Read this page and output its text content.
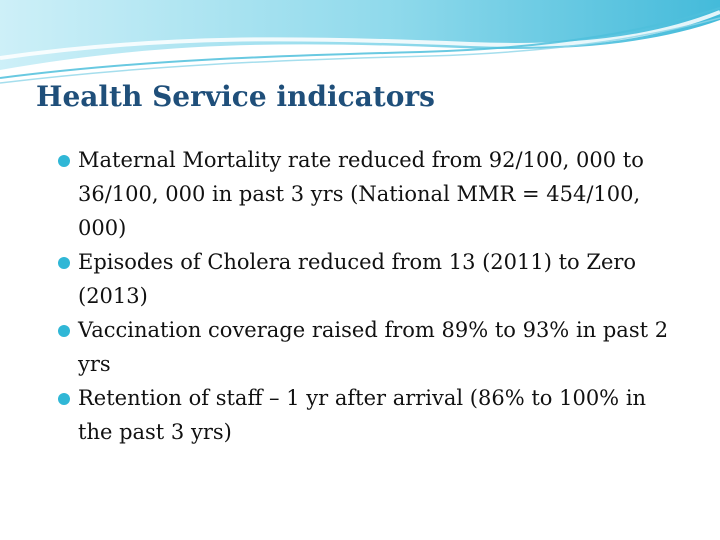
Health Service indicators
Maternal Mortality rate reduced from 92/100, 000 to 36/100, 000 in past 3 yrs (National MMR = 454/100, 000)
Episodes of Cholera reduced from 13 (2011) to Zero (2013)
Vaccination coverage raised from 89% to 93% in past 2 yrs
Retention of staff – 1 yr after arrival (86% to 100% in the past 3 yrs)
